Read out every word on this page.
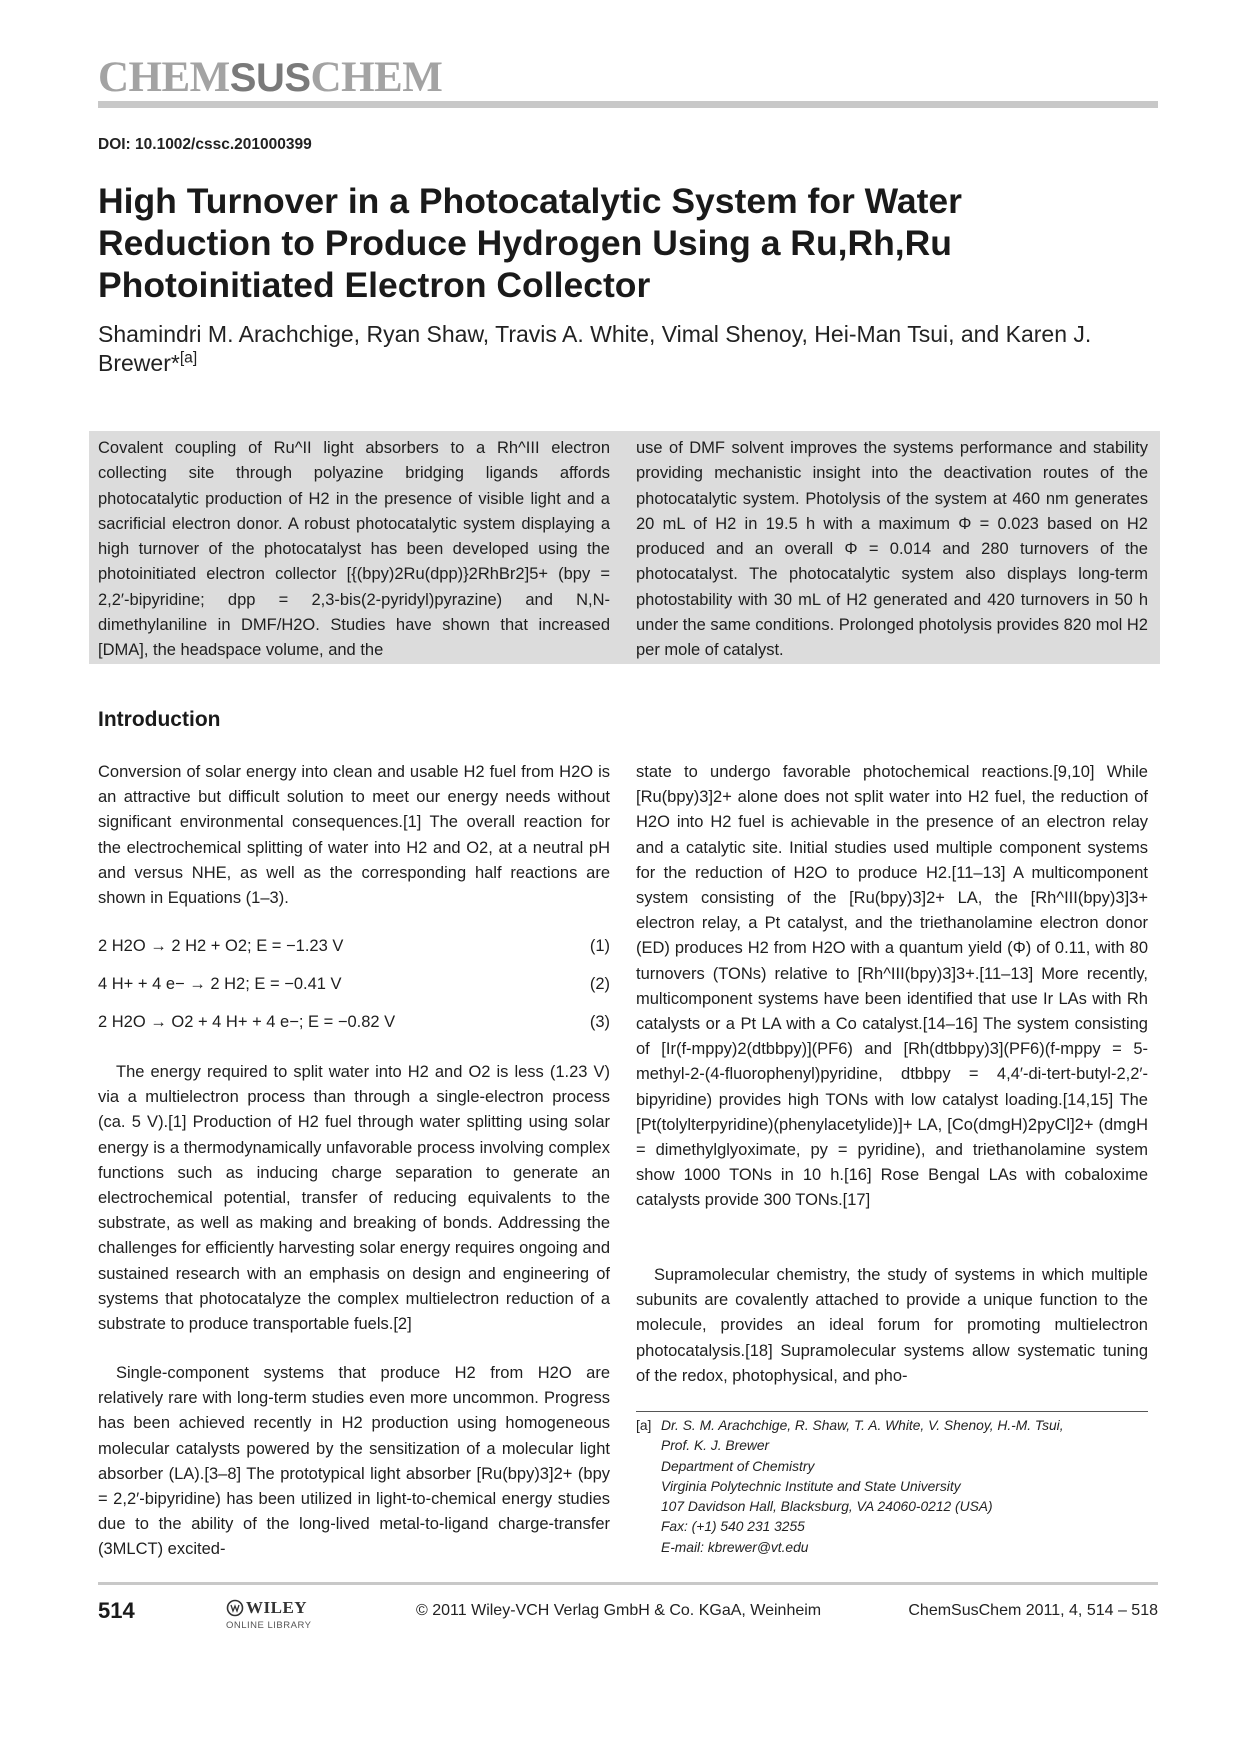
CHEMSUSCHEM
DOI: 10.1002/cssc.201000399
High Turnover in a Photocatalytic System for Water Reduction to Produce Hydrogen Using a Ru,Rh,Ru Photoinitiated Electron Collector
Shamindri M. Arachchige, Ryan Shaw, Travis A. White, Vimal Shenoy, Hei-Man Tsui, and Karen J. Brewer*[a]
Covalent coupling of Ru^II light absorbers to a Rh^III electron collecting site through polyazine bridging ligands affords photocatalytic production of H2 in the presence of visible light and a sacrificial electron donor. A robust photocatalytic system displaying a high turnover of the photocatalyst has been developed using the photoinitiated electron collector [{(bpy)2Ru(dpp)}2RhBr2]5+ (bpy = 2,2′-bipyridine; dpp = 2,3-bis(2-pyridyl)pyrazine) and N,N-dimethylaniline in DMF/H2O. Studies have shown that increased [DMA], the headspace volume, and the
use of DMF solvent improves the systems performance and stability providing mechanistic insight into the deactivation routes of the photocatalytic system. Photolysis of the system at 460 nm generates 20 mL of H2 in 19.5 h with a maximum Φ = 0.023 based on H2 produced and an overall Φ = 0.014 and 280 turnovers of the photocatalyst. The photocatalytic system also displays long-term photostability with 30 mL of H2 generated and 420 turnovers in 50 h under the same conditions. Prolonged photolysis provides 820 mol H2 per mole of catalyst.
Introduction

Conversion of solar energy into clean and usable H2 fuel from H2O is an attractive but difficult solution to meet our energy needs without significant environmental consequences.[1] The overall reaction for the electrochemical splitting of water into H2 and O2, at a neutral pH and versus NHE, as well as the corresponding half reactions are shown in Equations (1–3).

2 H2O → 2 H2 + O2; E = −1.23 V	(1)
4 H+ + 4 e− → 2 H2; E = −0.41 V	(2)
2 H2O → O2 + 4 H+ + 4 e−; E = −0.82 V	(3)

The energy required to split water into H2 and O2 is less (1.23 V) via a multielectron process than through a single-electron process (ca. 5 V).[1] Production of H2 fuel through water splitting using solar energy is a thermodynamically unfavorable process involving complex functions such as inducing charge separation to generate an electrochemical potential, transfer of reducing equivalents to the substrate, as well as making and breaking of bonds. Addressing the challenges for efficiently harvesting solar energy requires ongoing and sustained research with an emphasis on design and engineering of systems that photocatalyze the complex multielectron reduction of a substrate to produce transportable fuels.[2]

Single-component systems that produce H2 from H2O are relatively rare with long-term studies even more uncommon. Progress has been achieved recently in H2 production using homogeneous molecular catalysts powered by the sensitization of a molecular light absorber (LA).[3–8] The prototypical light absorber [Ru(bpy)3]2+ (bpy = 2,2′-bipyridine) has been utilized in light-to-chemical energy studies due to the ability of the long-lived metal-to-ligand charge-transfer (3MLCT) excited-

state to undergo favorable photochemical reactions.[9,10] While [Ru(bpy)3]2+ alone does not split water into H2 fuel, the reduction of H2O into H2 fuel is achievable in the presence of an electron relay and a catalytic site. Initial studies used multiple component systems for the reduction of H2O to produce H2.[11–13] A multicomponent system consisting of the [Ru(bpy)3]2+ LA, the [Rh^III(bpy)3]3+ electron relay, a Pt catalyst, and the triethanolamine electron donor (ED) produces H2 from H2O with a quantum yield (Φ) of 0.11, with 80 turnovers (TONs) relative to [Rh^III(bpy)3]3+.[11–13] More recently, multicomponent systems have been identified that use Ir LAs with Rh catalysts or a Pt LA with a Co catalyst.[14–16] The system consisting of [Ir(f-mppy)2(dtbbpy)](PF6) and [Rh(dtbbpy)3](PF6)(f-mppy = 5-methyl-2-(4-fluorophenyl)pyridine, dtbbpy = 4,4′-di-tert-butyl-2,2′-bipyridine) provides high TONs with low catalyst loading.[14,15] The [Pt(tolylterpyridine)(phenylacetylide)]+ LA, [Co(dmgH)2pyCl]2+ (dmgH = dimethylglyoximate, py = pyridine), and triethanolamine system show 1000 TONs in 10 h.[16] Rose Bengal LAs with cobaloxime catalysts provide 300 TONs.[17]

Supramolecular chemistry, the study of systems in which multiple subunits are covalently attached to provide a unique function to the molecule, provides an ideal forum for promoting multielectron photocatalysis.[18] Supramolecular systems allow systematic tuning of the redox, photophysical, and pho-

[a] Dr. S. M. Arachchige, R. Shaw, T. A. White, V. Shenoy, H.-M. Tsui,
Prof. K. J. Brewer
Department of Chemistry
Virginia Polytechnic Institute and State University
107 Davidson Hall, Blacksburg, VA 24060-0212 (USA)
Fax: (+1) 540 231 3255
E-mail: kbrewer@vt.edu
514	WILEY
ONLINE LIBRARY
© 2011 Wiley-VCH Verlag GmbH & Co. KGaA, Weinheim	ChemSusChem 2011, 4, 514 – 518
